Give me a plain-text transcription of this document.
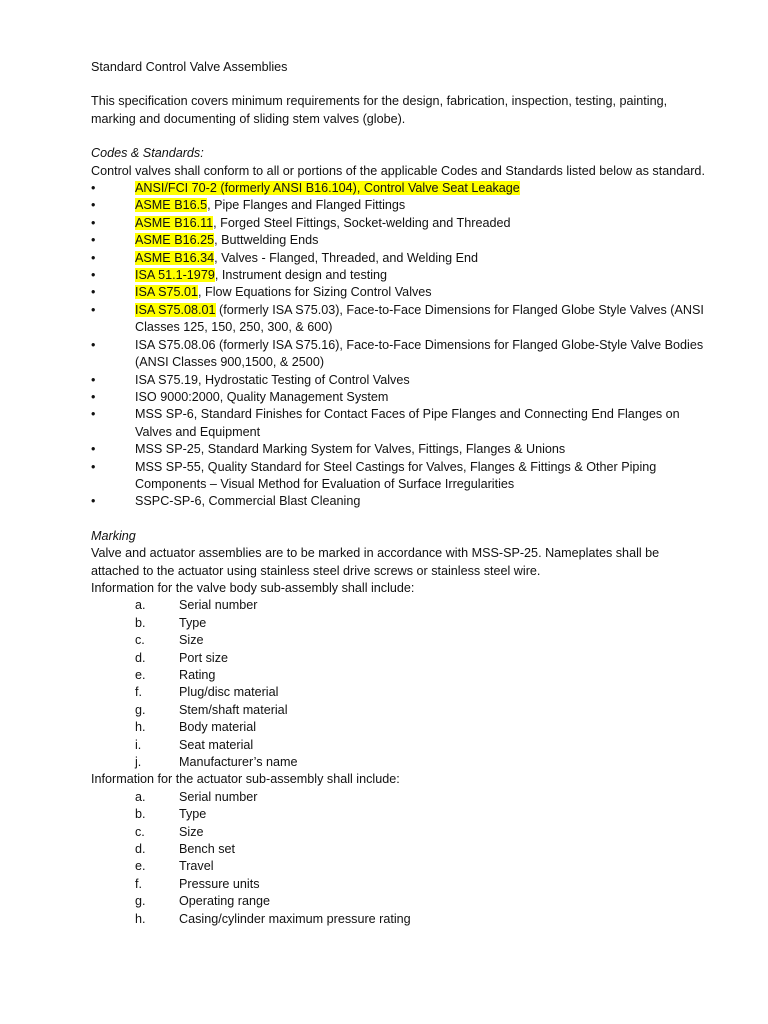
Standard Control Valve Assemblies

This specification covers minimum requirements for the design, fabrication, inspection, testing, painting, marking and documenting of sliding stem valves (globe).

Codes & Standards:

Control valves shall conform to all or portions of the applicable Codes and Standards listed below as standard.

•	ANSI/FCI 70-2 (formerly ANSI B16.104), Control Valve Seat Leakage
•	ASME B16.5, Pipe Flanges and Flanged Fittings
•	ASME B16.11, Forged Steel Fittings, Socket-welding and Threaded
•	ASME B16.25, Buttwelding Ends
•	ASME B16.34, Valves - Flanged, Threaded, and Welding End
•	ISA 51.1-1979, Instrument design and testing
•	ISA S75.01, Flow Equations for Sizing Control Valves
•	ISA S75.08.01 (formerly ISA S75.03), Face-to-Face Dimensions for Flanged Globe Style Valves (ANSI Classes 125, 150, 250, 300, & 600)
•	ISA S75.08.06 (formerly ISA S75.16), Face-to-Face Dimensions for Flanged Globe-Style Valve Bodies (ANSI Classes 900,1500, & 2500)
•	ISA S75.19, Hydrostatic Testing of Control Valves
•	ISO 9000:2000, Quality Management System
•	MSS SP-6, Standard Finishes for Contact Faces of Pipe Flanges and Connecting End Flanges on Valves and Equipment
•	MSS SP-25, Standard Marking System for Valves, Fittings, Flanges & Unions
•	MSS SP-55, Quality Standard for Steel Castings for Valves, Flanges & Fittings & Other Piping Components – Visual Method for Evaluation of Surface Irregularities
•	SSPC-SP-6, Commercial Blast Cleaning

Marking

Valve and actuator assemblies are to be marked in accordance with MSS-SP-25. Nameplates shall be attached to the actuator using stainless steel drive screws or stainless steel wire.

Information for the valve body sub-assembly shall include:

a.	Serial number
b.	Type
c.	Size
d.	Port size
e.	Rating
f.	Plug/disc material
g.	Stem/shaft material
h.	Body material
i.	Seat material
j.	Manufacturer’s name

Information for the actuator sub-assembly shall include:

a.	Serial number
b.	Type
c.	Size
d.	Bench set
e.	Travel
f.	Pressure units
g.	Operating range
h.	Casing/cylinder maximum pressure rating
